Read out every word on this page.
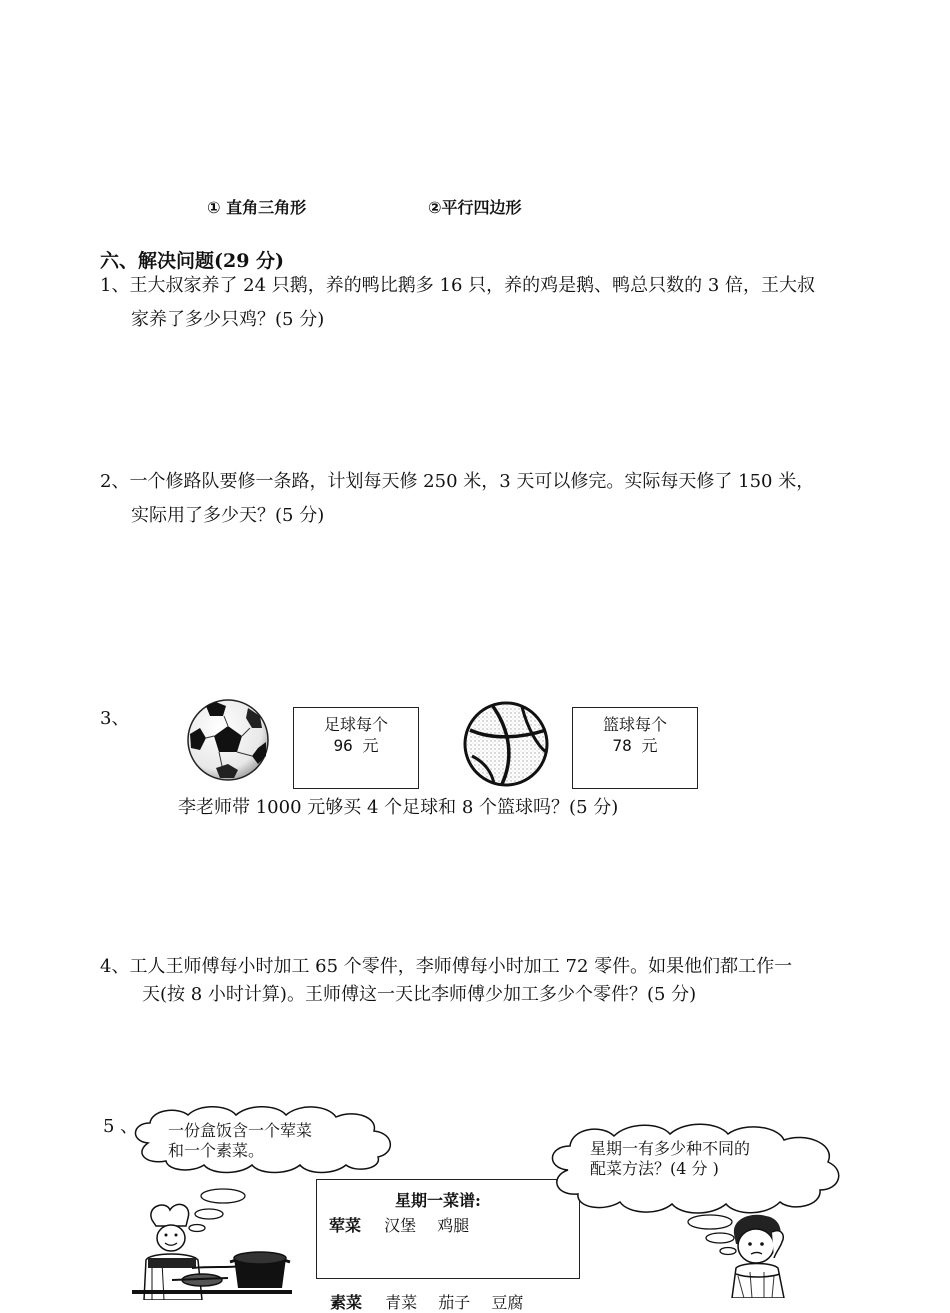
① 直角三角形	②平行四边形
六、解决问题(29 分)
1、王大叔家养了 24 只鹅，养的鸭比鹅多 16 只，养的鸡是鹅、鸭总只数的 3 倍，王大叔
家养了多少只鸡？(5 分)
2、一个修路队要修一条路，计划每天修 250 米，3 天可以修完。实际每天修了 150 米，
实际用了多少天？(5 分)
3、	足球每个
96 元
篮球每个
78 元
李老师带 1000 元够买 4 个足球和 8 个篮球吗？(5 分)
4、工人王师傅每小时加工 65 个零件，李师傅每小时加工 72 零件。如果他们都工作一
天(按 8 小时计算)。王师傅这一天比李师傅少加工多少个零件？(5 分)
5 、 一份盒饭含一个荤菜
和一个素菜。
星期一菜谱:
荤菜 汉堡 鸡腿
素菜 青菜 茄子 豆腐
星期一有多少种不同的
配菜方法？(4 分 )
